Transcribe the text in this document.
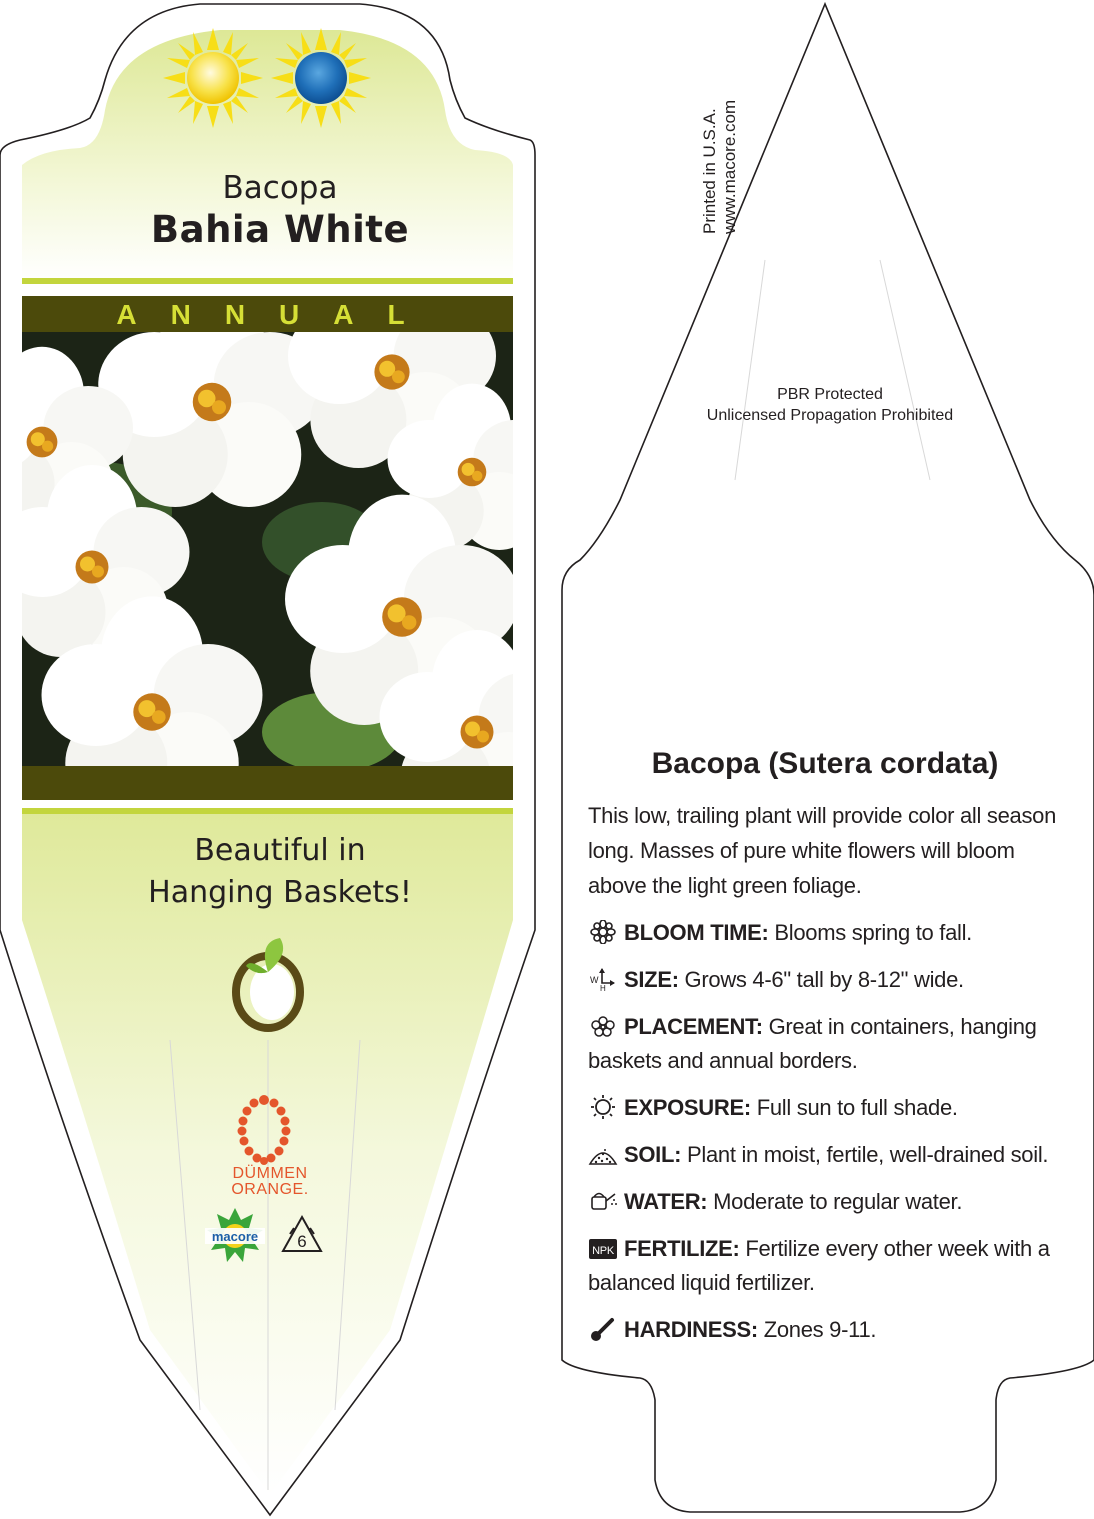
Bacopa
Bahia White
ANNUAL
Beautiful in
Hanging Baskets!
DÜMMEN
ORANGE.
macore 6
Printed in U.S.A. www.macore.com
PBR Protected
Unlicensed Propagation Prohibited
Bacopa (Sutera cordata)
This low, trailing plant will provide color all season long. Masses of pure white flowers will bloom above the light green foliage.
BLOOM TIME: Blooms spring to fall.
W
H SIZE: Grows 4-6" tall by 8-12" wide.
PLACEMENT: Great in containers, hanging baskets and annual borders.
EXPOSURE: Full sun to full shade.
SOIL: Plant in moist, fertile, well-drained soil.
WATER: Moderate to regular water.
NPK FERTILIZE: Fertilize every other week with a balanced liquid fertilizer.
HARDINESS: Zones 9-11.
